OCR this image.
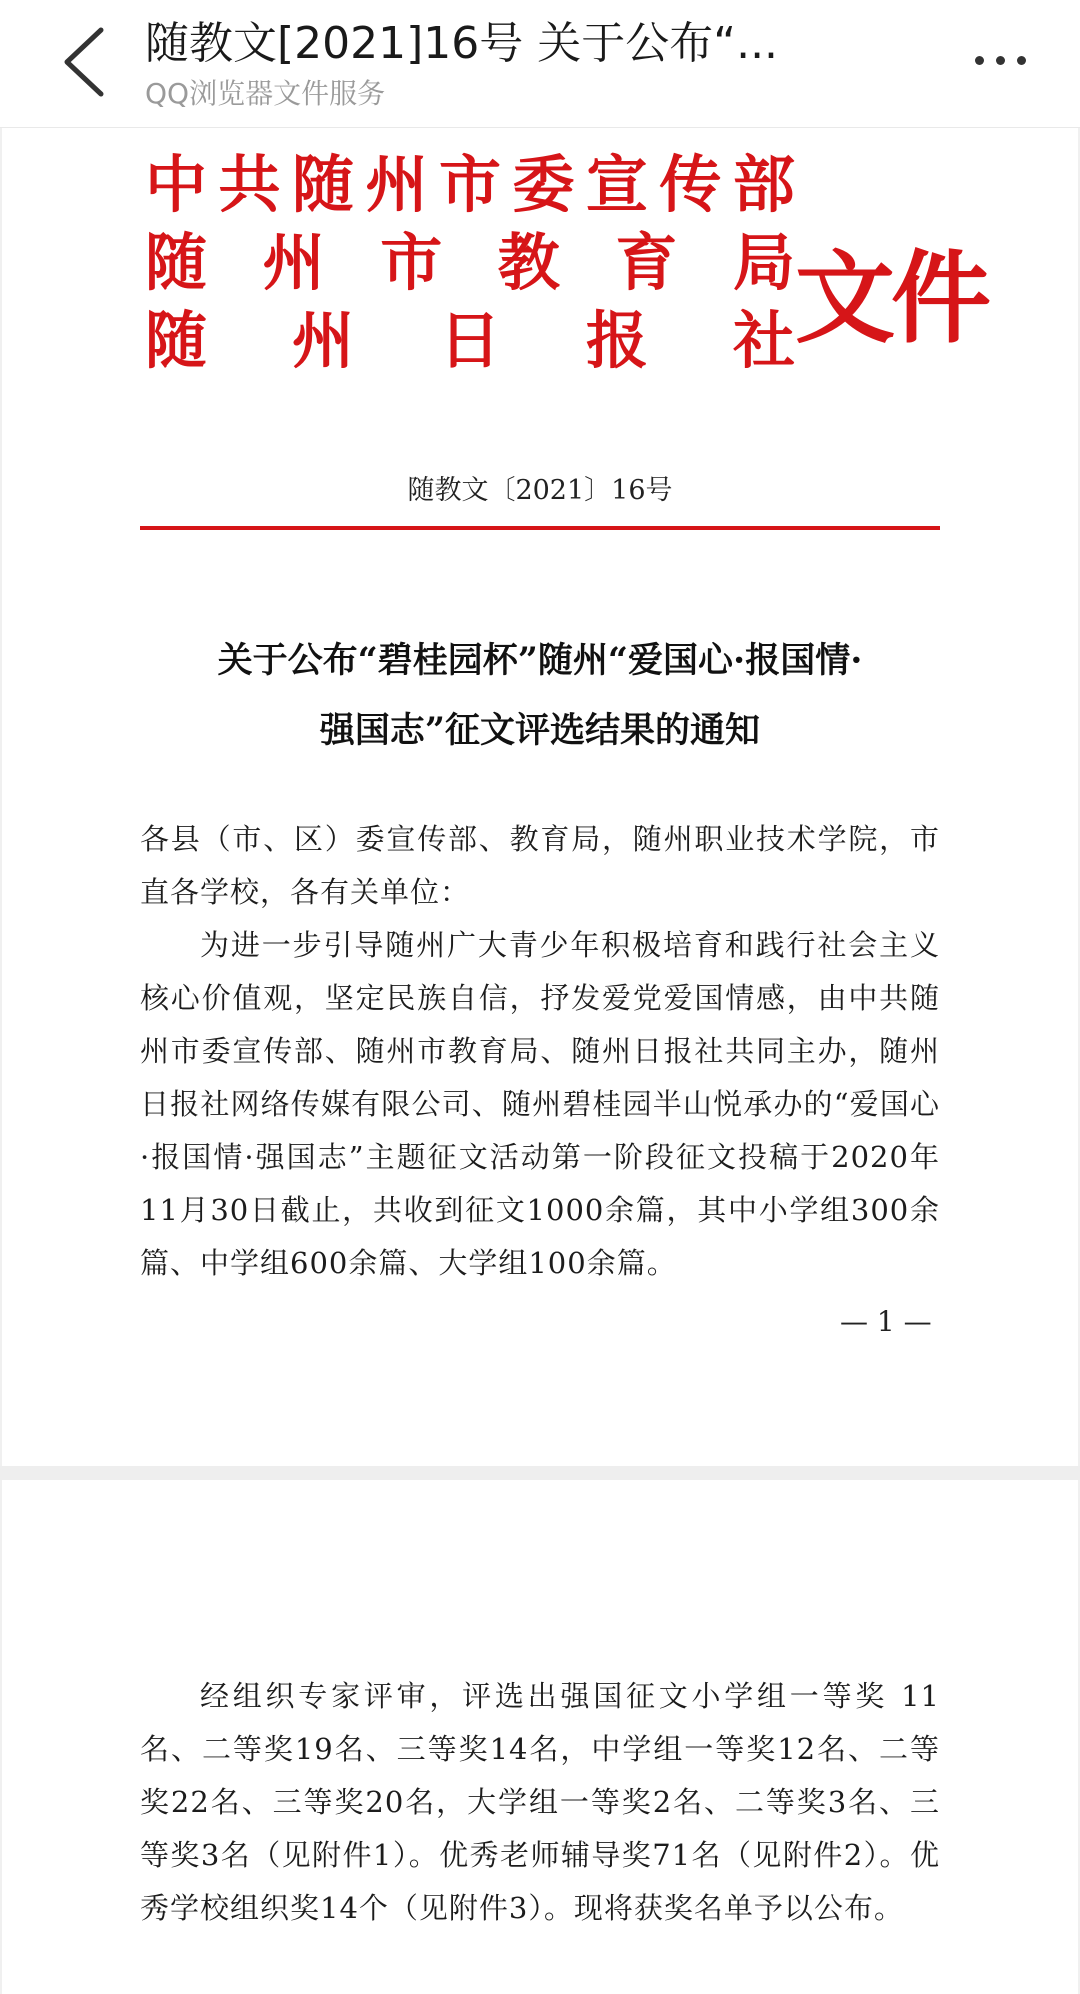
随教文[2021]16号 关于公布“...
QQ浏览器文件服务
中 共 随 州 市 委 宣 传 部
随 州 市 教 育 局
随 州 日 报 社 文件
随教文〔2021〕16号
关于公布“碧桂园杯”随州“爱国心·报国情·
强国志”征文评选结果的通知
各县（市、区）委宣传部、教育局，随州职业技术学院，市直各学校，各有关单位：
为进一步引导随州广大青少年积极培育和践行社会主义核心价值观，坚定民族自信，抒发爱党爱国情感，由中共随州市委宣传部、随州市教育局、随州日报社共同主办，随州日报社网络传媒有限公司、随州碧桂园半山悦承办的“爱国心·报国情·强国志”主题征文活动第一阶段征文投稿于2020年11月30日截止，共收到征文1000余篇，其中小学组300余篇、中学组600余篇、大学组100余篇。
— 1 —
经组织专家评审，评选出强国征文小学组一等奖 11 名、二等奖19名、三等奖14名，中学组一等奖12名、二等奖22名、三等奖20名，大学组一等奖2名、二等奖3名、三等奖3名（见附件1）。优秀老师辅导奖71名（见附件2）。优秀学校组织奖14个（见附件3）。现将获奖名单予以公布。
